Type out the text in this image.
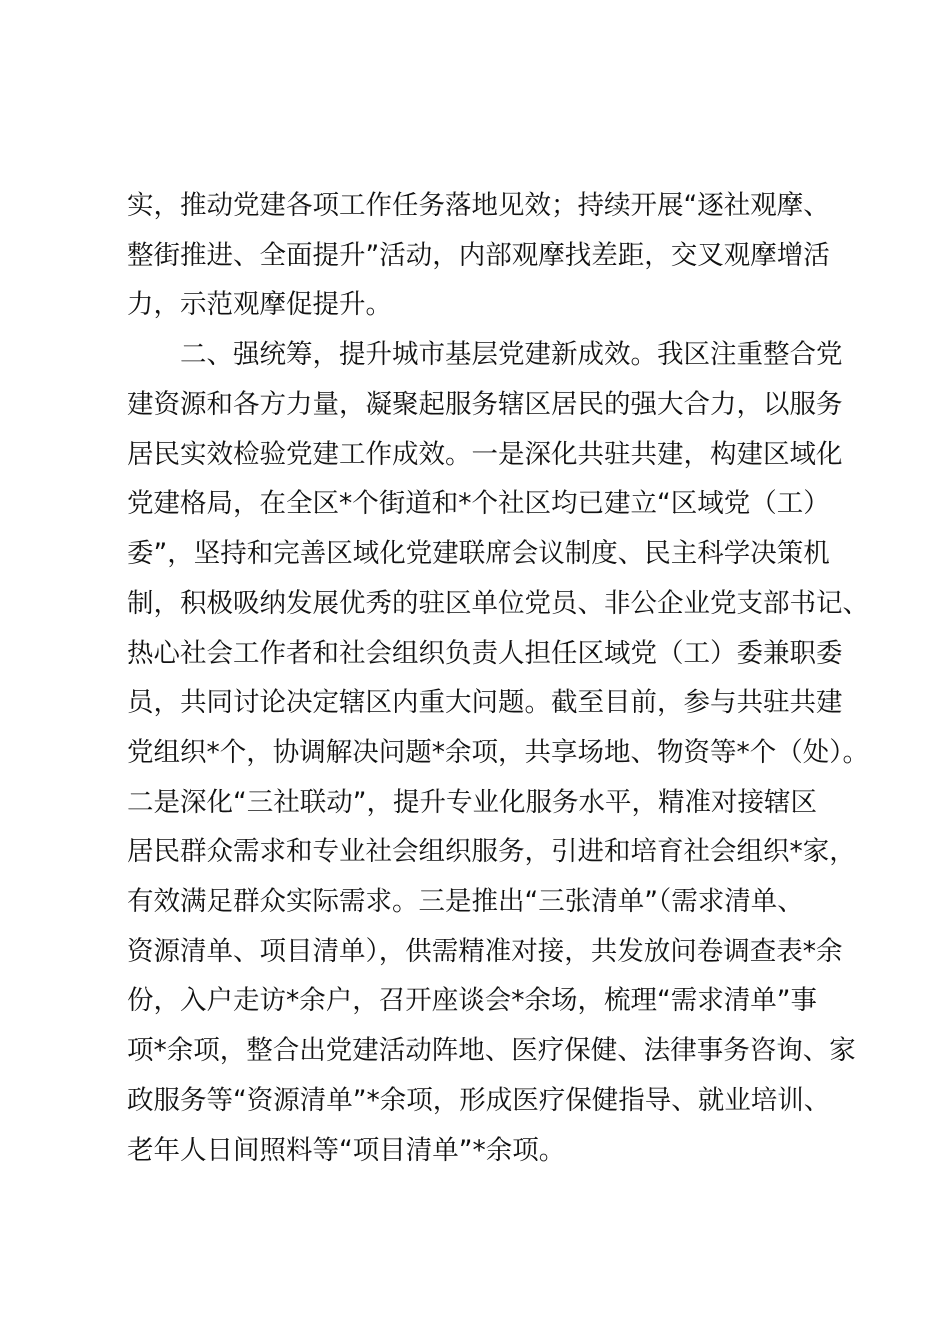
实，推动党建各项工作任务落地见效；持续开展“逐社观摩、
整街推进、全面提升”活动，内部观摩找差距，交叉观摩增活
力，示范观摩促提升。
二、强统筹，提升城市基层党建新成效。我区注重整合党
建资源和各方力量，凝聚起服务辖区居民的强大合力，以服务
居民实效检验党建工作成效。一是深化共驻共建，构建区域化
党建格局，在全区*个街道和*个社区均已建立“区域党（工）
委”，坚持和完善区域化党建联席会议制度、民主科学决策机
制，积极吸纳发展优秀的驻区单位党员、非公企业党支部书记、
热心社会工作者和社会组织负责人担任区域党（工）委兼职委
员，共同讨论决定辖区内重大问题。截至目前，参与共驻共建
党组织*个，协调解决问题*余项，共享场地、物资等*个（处）。
二是深化“三社联动”，提升专业化服务水平，精准对接辖区
居民群众需求和专业社会组织服务，引进和培育社会组织*家，
有效满足群众实际需求。三是推出“三张清单”（需求清单、
资源清单、项目清单），供需精准对接，共发放问卷调查表*余
份，入户走访*余户，召开座谈会*余场，梳理“需求清单”事
项*余项，整合出党建活动阵地、医疗保健、法律事务咨询、家
政服务等“资源清单”*余项，形成医疗保健指导、就业培训、
老年人日间照料等“项目清单”*余项。
